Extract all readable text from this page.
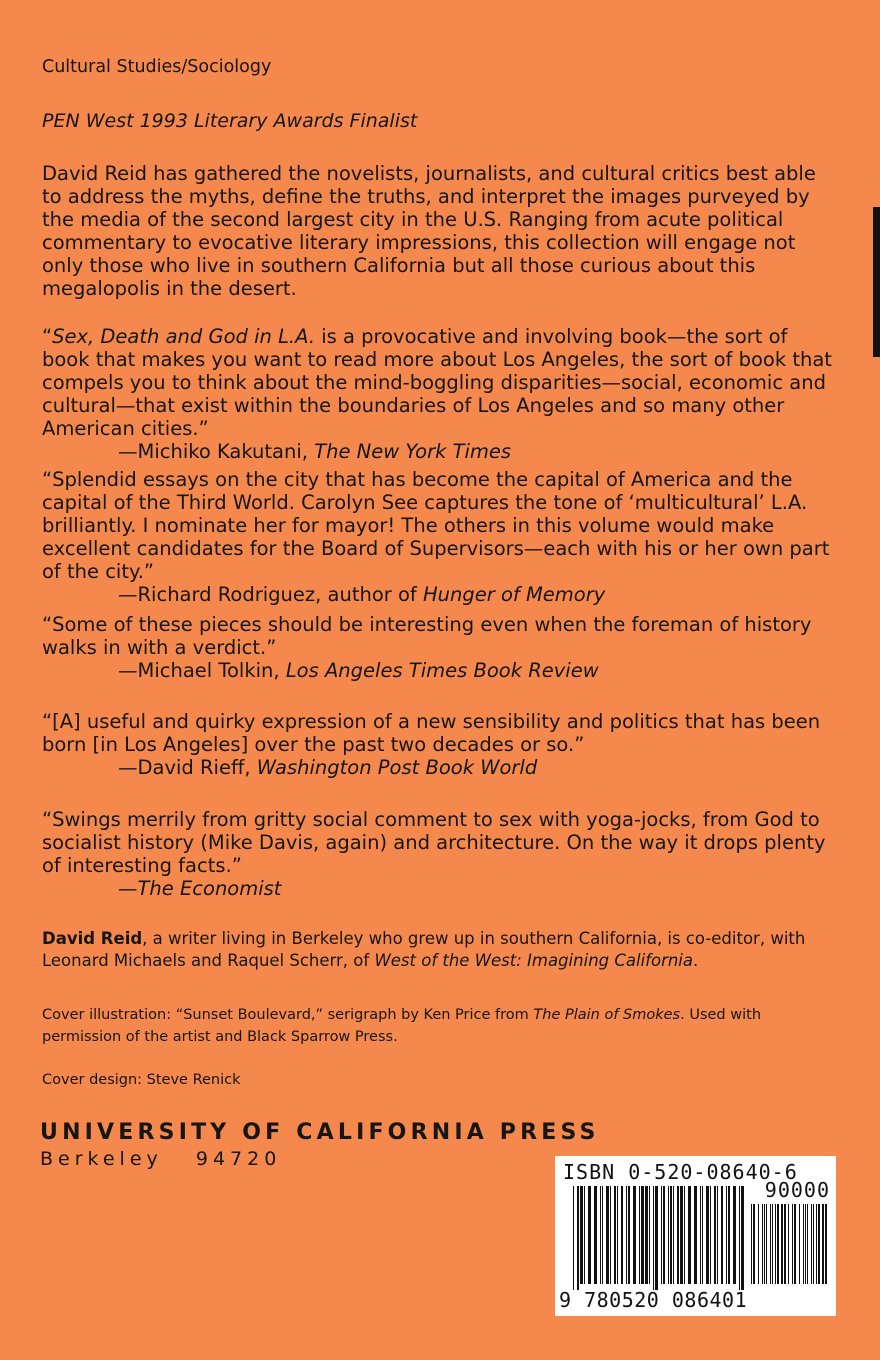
Cultural Studies/Sociology
PEN West 1993 Literary Awards Finalist
David Reid has gathered the novelists, journalists, and cultural critics best able to address the myths, define the truths, and interpret the images purveyed by the media of the second largest city in the U.S. Ranging from acute political commentary to evocative literary impressions, this collection will engage not only those who live in southern California but all those curious about this megalopolis in the desert.
“Sex, Death and God in L.A. is a provocative and involving book—the sort of book that makes you want to read more about Los Angeles, the sort of book that compels you to think about the mind-boggling disparities—social, economic and cultural—that exist within the boundaries of Los Angeles and so many other American cities.”
—Michiko Kakutani, The New York Times
“Splendid essays on the city that has become the capital of America and the capital of the Third World. Carolyn See captures the tone of ‘multicultural’ L.A. brilliantly. I nominate her for mayor! The others in this volume would make excellent candidates for the Board of Supervisors—each with his or her own part of the city.”
—Richard Rodriguez, author of Hunger of Memory
“Some of these pieces should be interesting even when the foreman of history walks in with a verdict.”
—Michael Tolkin, Los Angeles Times Book Review
“[A] useful and quirky expression of a new sensibility and politics that has been born [in Los Angeles] over the past two decades or so.”
—David Rieff, Washington Post Book World
“Swings merrily from gritty social comment to sex with yoga-jocks, from God to socialist history (Mike Davis, again) and architecture. On the way it drops plenty of interesting facts.”
—The Economist
David Reid, a writer living in Berkeley who grew up in southern California, is co-editor, with Leonard Michaels and Raquel Scherr, of West of the West: Imagining California.
Cover illustration: “Sunset Boulevard,” serigraph by Ken Price from The Plain of Smokes. Used with permission of the artist and Black Sparrow Press.
Cover design: Steve Renick
UNIVERSITY OF CALIFORNIA PRESS
Berkeley   94720
ISBN 0-520-08640-6
90000
9 780520 086401
